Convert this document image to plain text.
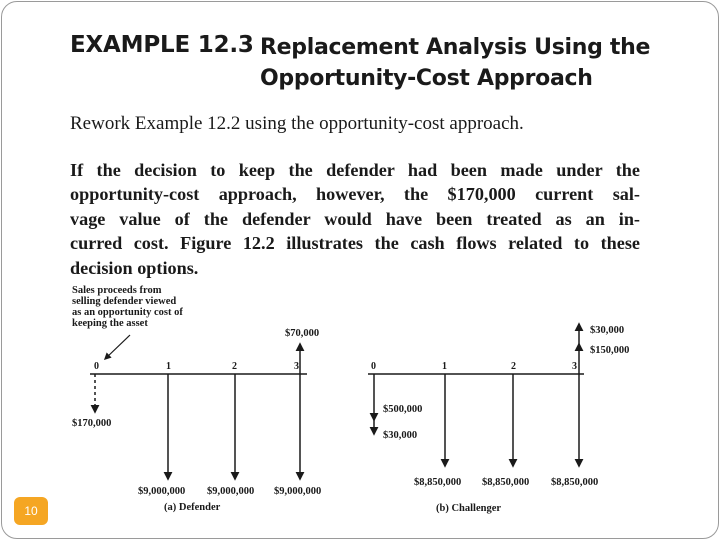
EXAMPLE 12.3 Replacement Analysis Using the
Opportunity-Cost Approach
Rework Example 12.2 using the opportunity-cost approach.
If the decision to keep the defender had been made under the
opportunity-cost approach, however, the $170,000 current sal-
vage value of the defender would have been treated as an in-
curred cost. Figure 12.2 illustrates the cash flows related to these
decision options.
Sales proceeds from
selling defender viewed
as an opportunity cost of
keeping the asset
0	1	2	3
$170,000
$70,000
$9,000,000 $9,000,000 $9,000,000
(a) Defender
0	1	2	3
$500,000
$30,000
$30,000
$150,000
$8,850,000 $8,850,000 $8,850,000
(b) Challenger
10
